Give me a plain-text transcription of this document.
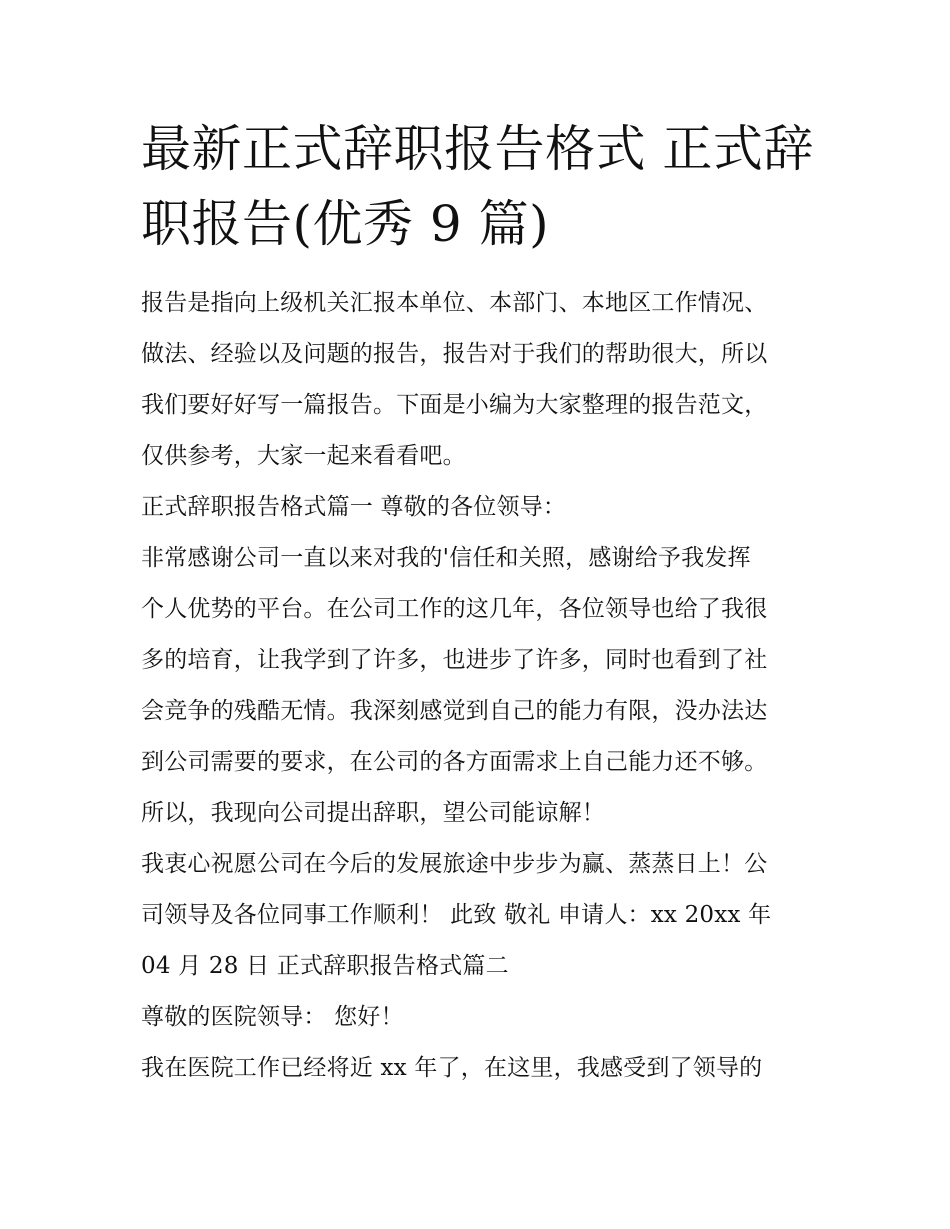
最新正式辞职报告格式 正式辞
职报告(优秀 9 篇)

报告是指向上级机关汇报本单位、本部门、本地区工作情况、
做法、经验以及问题的报告，报告对于我们的帮助很大，所以
我们要好好写一篇报告。下面是小编为大家整理的报告范文，
仅供参考，大家一起来看看吧。

正式辞职报告格式篇一 尊敬的各位领导：

非常感谢公司一直以来对我的'信任和关照，感谢给予我发挥
个人优势的平台。在公司工作的这几年，各位领导也给了我很
多的培育，让我学到了许多，也进步了许多，同时也看到了社
会竞争的残酷无情。我深刻感觉到自己的能力有限，没办法达
到公司需要的要求，在公司的各方面需求上自己能力还不够。
所以，我现向公司提出辞职，望公司能谅解！

我衷心祝愿公司在今后的发展旅途中步步为赢、蒸蒸日上！公
司领导及各位同事工作顺利！ 此致 敬礼 申请人：xx 20xx 年
04 月 28 日 正式辞职报告格式篇二

尊敬的医院领导： 您好！

我在医院工作已经将近 xx 年了，在这里，我感受到了领导的
